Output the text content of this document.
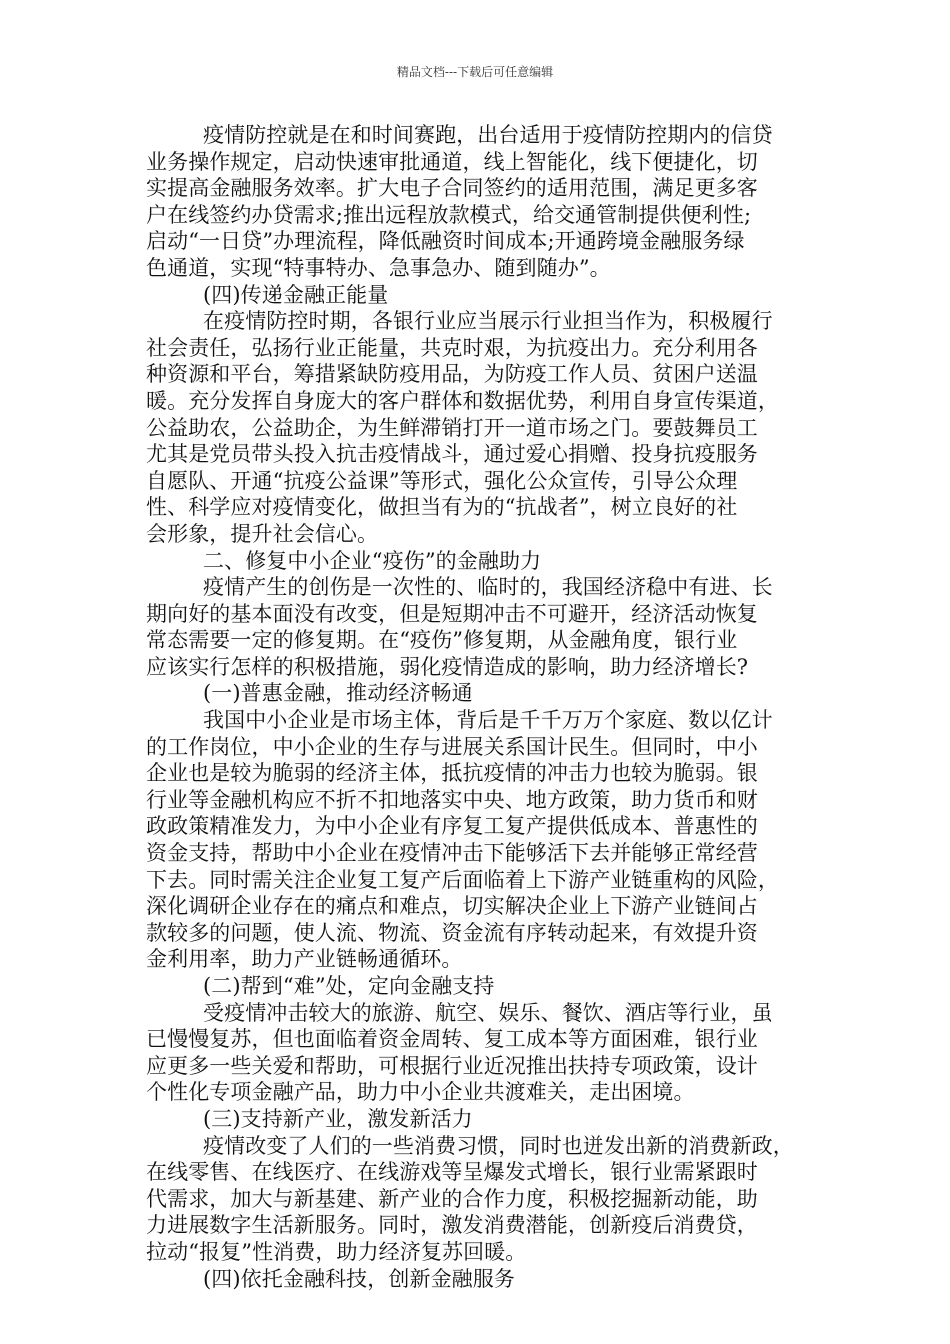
精品文档---下载后可任意编辑
疫情防控就是在和时间赛跑，出台适用于疫情防控期内的信贷
业务操作规定，启动快速审批通道，线上智能化，线下便捷化，切
实提高金融服务效率。扩大电子合同签约的适用范围，满足更多客
户在线签约办贷需求;推出远程放款模式，给交通管制提供便利性;
启动“一日贷”办理流程，降低融资时间成本;开通跨境金融服务绿
色通道，实现“特事特办、急事急办、随到随办”。
(四)传递金融正能量
在疫情防控时期，各银行业应当展示行业担当作为，积极履行
社会责任，弘扬行业正能量，共克时艰，为抗疫出力。充分利用各
种资源和平台，筹措紧缺防疫用品，为防疫工作人员、贫困户送温
暖。充分发挥自身庞大的客户群体和数据优势，利用自身宣传渠道，
公益助农，公益助企，为生鲜滞销打开一道市场之门。要鼓舞员工
尤其是党员带头投入抗击疫情战斗，通过爱心捐赠、投身抗疫服务
自愿队、开通“抗疫公益课”等形式，强化公众宣传，引导公众理
性、科学应对疫情变化，做担当有为的“抗战者”，树立良好的社
会形象，提升社会信心。
二、修复中小企业“疫伤”的金融助力
疫情产生的创伤是一次性的、临时的，我国经济稳中有进、长
期向好的基本面没有改变，但是短期冲击不可避开，经济活动恢复
常态需要一定的修复期。在“疫伤”修复期，从金融角度，银行业
应该实行怎样的积极措施，弱化疫情造成的影响，助力经济增长?
(一)普惠金融，推动经济畅通
我国中小企业是市场主体，背后是千千万万个家庭、数以亿计
的工作岗位，中小企业的生存与进展关系国计民生。但同时，中小
企业也是较为脆弱的经济主体，抵抗疫情的冲击力也较为脆弱。银
行业等金融机构应不折不扣地落实中央、地方政策，助力货币和财
政政策精准发力，为中小企业有序复工复产提供低成本、普惠性的
资金支持，帮助中小企业在疫情冲击下能够活下去并能够正常经营
下去。同时需关注企业复工复产后面临着上下游产业链重构的风险，
深化调研企业存在的痛点和难点，切实解决企业上下游产业链间占
款较多的问题，使人流、物流、资金流有序转动起来，有效提升资
金利用率，助力产业链畅通循环。
(二)帮到“难”处，定向金融支持
受疫情冲击较大的旅游、航空、娱乐、餐饮、酒店等行业，虽
已慢慢复苏，但也面临着资金周转、复工成本等方面困难，银行业
应更多一些关爱和帮助，可根据行业近况推出扶持专项政策，设计
个性化专项金融产品，助力中小企业共渡难关，走出困境。
(三)支持新产业，激发新活力
疫情改变了人们的一些消费习惯，同时也迸发出新的消费新政，
在线零售、在线医疗、在线游戏等呈爆发式增长，银行业需紧跟时
代需求，加大与新基建、新产业的合作力度，积极挖掘新动能，助
力进展数字生活新服务。同时，激发消费潜能，创新疫后消费贷，
拉动“报复”性消费，助力经济复苏回暖。
(四)依托金融科技，创新金融服务
